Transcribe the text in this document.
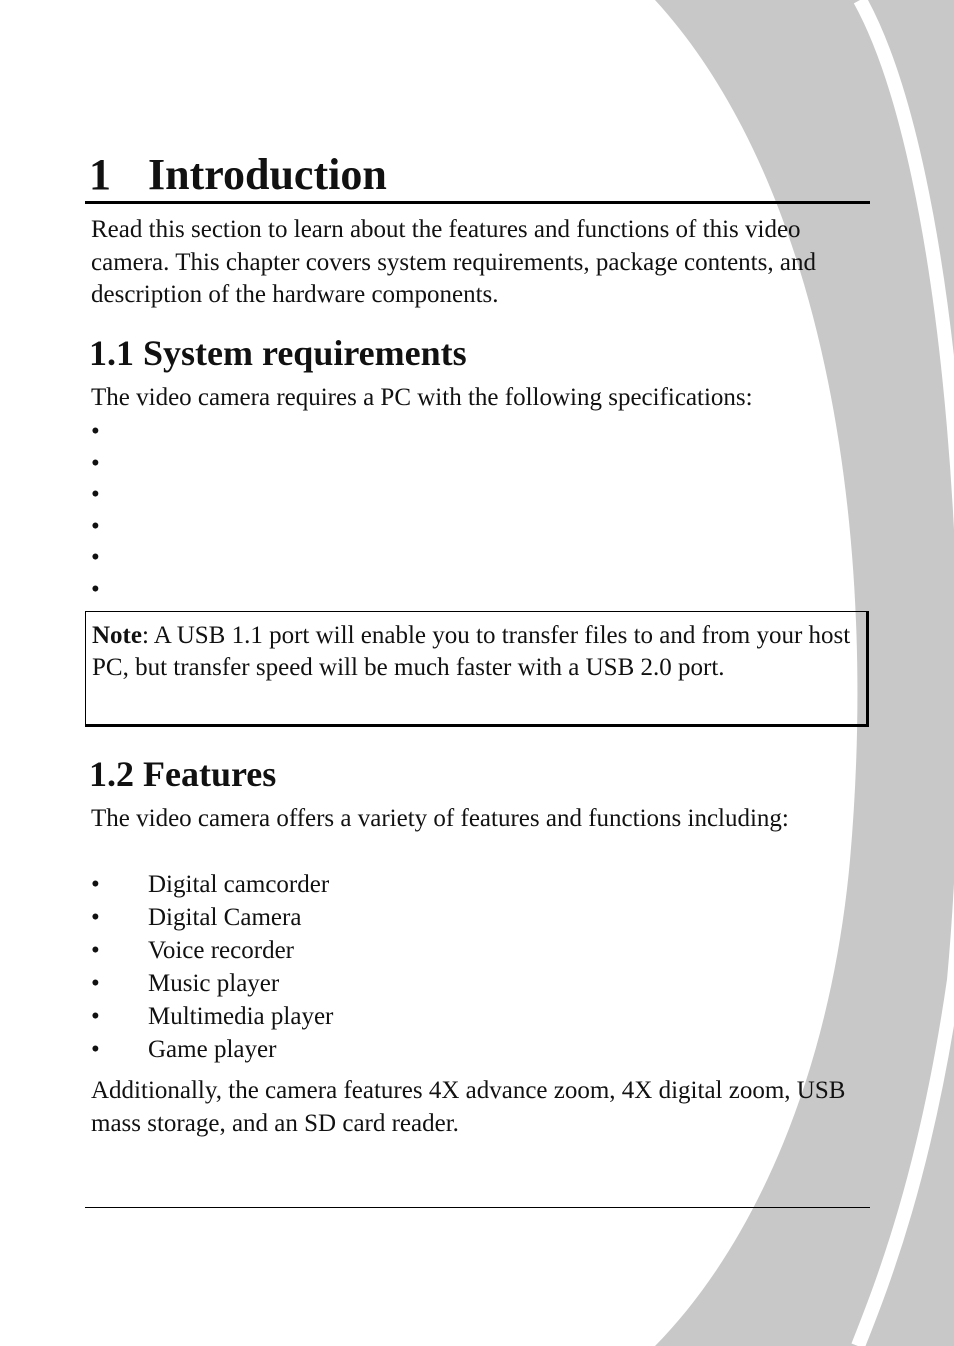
1 Introduction

Read this section to learn about the features and functions of this video camera. This chapter covers system requirements, package contents, and description of the hardware components.

1.1 System requirements

The video camera requires a PC with the following specifications:

•
•
•
•
•
•

Note: A USB 1.1 port will enable you to transfer files to and from your host PC, but transfer speed will be much faster with a USB 2.0 port.

1.2 Features

The video camera offers a variety of features and functions including:

• Digital camcorder
• Digital Camera
• Voice recorder
• Music player
• Multimedia player
• Game player

Additionally, the camera features 4X advance zoom, 4X digital zoom, USB mass storage, and an SD card reader.
